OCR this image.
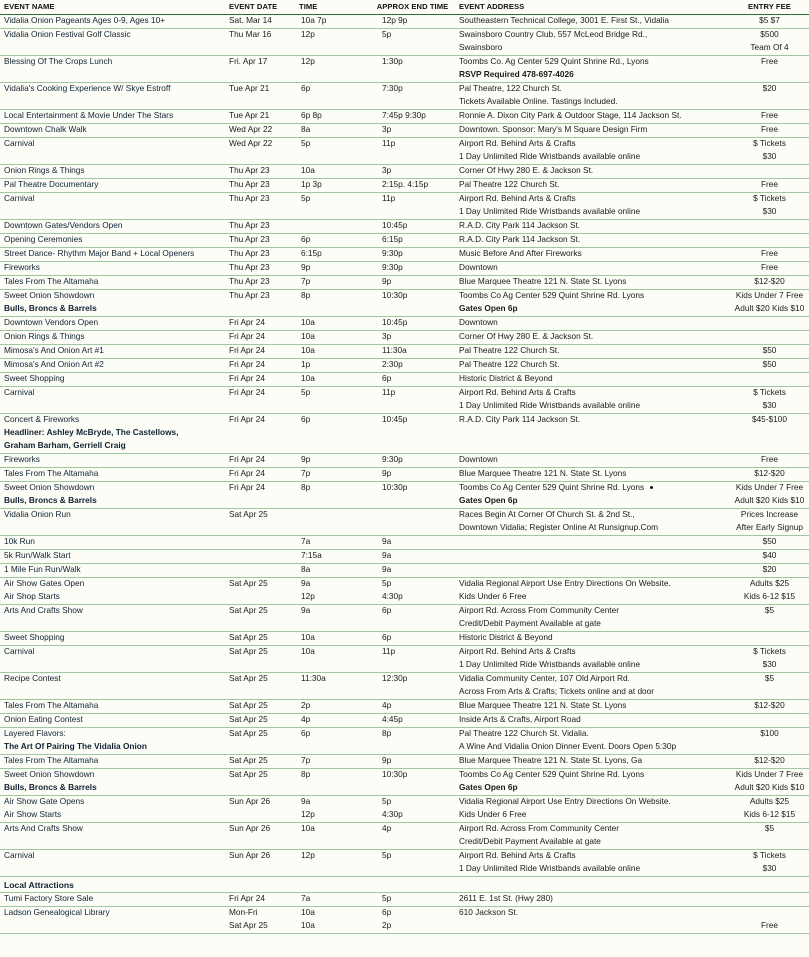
EVENT NAME	EVENT DATE	TIME	APPROX END TIME	EVENT ADDRESS	ENTRY FEE
Vidalia Onion Pageants Ages 0-9, Ages 10+	Sat. Mar 14	10a 7p	12p 9p	Southeastern Technical College, 3001 E. First St., Vidalia	$5 $7
Vidalia Onion Festival Golf Classic	Thu Mar 16	12p	5p	Swainsboro Country Club, 557 McLeod Bridge Rd.,	$500
				Swainsboro	Team Of 4
Blessing Of The Crops Lunch	Fri. Apr 17	12p	1:30p	Toombs Co. Ag Center 529 Quint Shrine Rd., Lyons	Free
				RSVP Required 478-697-4026	
Vidalia's Cooking Experience W/ Skye Estroff	Tue Apr 21	6p	7:30p	Pal Theatre, 122 Church St.	$20
				Tickets Available Online. Tastings Included.	
Local Entertainment & Movie Under The Stars	Tue Apr 21	6p 8p	7:45p 9:30p	Ronnie A. Dixon City Park & Outdoor Stage, 114 Jackson St.	Free
Downtown Chalk Walk	Wed Apr 22	8a	3p	Downtown. Sponsor: Mary's M Square Design Firm	Free
Carnival	Wed Apr 22	5p	11p	Airport Rd. Behind Arts & Crafts	$ Tickets
				1 Day Unlimited Ride Wristbands available online	$30
Onion Rings & Things	Thu Apr 23	10a	3p	Corner Of Hwy 280 E. & Jackson St.	
Pal Theatre Documentary	Thu Apr 23	1p 3p	2:15p. 4:15p	Pal Theatre 122 Church St.	Free
Carnival	Thu Apr 23	5p	11p	Airport Rd. Behind Arts & Crafts	$ Tickets
				1 Day Unlimited Ride Wristbands available online	$30
Downtown Gates/Vendors Open	Thu Apr 23		10:45p	R.A.D. City Park 114 Jackson St.	
Opening Ceremonies	Thu Apr 23	6p	6:15p	R.A.D. City Park 114 Jackson St.	
Street Dance- Rhythm Major Band + Local Openers	Thu Apr 23	6:15p	9:30p	Music Before And After Fireworks	Free
Fireworks	Thu Apr 23	9p	9:30p	Downtown	Free
Tales From The Altamaha	Thu Apr 23	7p	9p	Blue Marquee Theatre 121 N. State St. Lyons	$12-$20
Sweet Onion Showdown	Thu Apr 23	8p	10:30p	Toombs Co Ag Center 529 Quint Shrine Rd. Lyons	Kids Under 7 Free
Bulls, Broncs & Barrels				Gates Open 6p	Adult $20 Kids $10
Downtown Vendors Open	Fri Apr 24	10a	10:45p	Downtown	
Onion Rings & Things	Fri Apr 24	10a	3p	Corner Of Hwy 280 E. & Jackson St.	
Mimosa's And Onion Art #1	Fri Apr 24	10a	11:30a	Pal Theatre 122 Church St.	$50
Mimosa's And Onion Art #2	Fri Apr 24	1p	2:30p	Pal Theatre 122 Church St.	$50
Sweet Shopping	Fri Apr 24	10a	6p	Historic District & Beyond	
Carnival	Fri Apr 24	5p	11p	Airport Rd. Behind Arts & Crafts	$ Tickets
				1 Day Unlimited Ride Wristbands available online	$30
Concert & Fireworks	Fri Apr 24	6p	10:45p	R.A.D. City Park 114 Jackson St.	$45-$100
Headliner: Ashley McBryde, The Castellows,					
Graham Barham, Gerriell Craig					
Fireworks	Fri Apr 24	9p	9:30p	Downtown	Free
Tales From The Altamaha	Fri Apr 24	7p	9p	Blue Marquee Theatre 121 N. State St. Lyons	$12-$20
Sweet Onion Showdown	Fri Apr 24	8p	10:30p	Toombs Co Ag Center 529 Quint Shrine Rd. Lyons	Kids Under 7 Free
Bulls, Broncs & Barrels				Gates Open 6p	Adult $20 Kids $10
Vidalia Onion Run	Sat Apr 25			Races Begin At Corner Of Church St. & 2nd St.,	Prices Increase
				Downtown Vidalia; Register Online At Runsignup.Com	After Early Signup
10k Run		7a	9a		$50
5k Run/Walk Start		7:15a	9a		$40
1 Mile Fun Run/Walk		8a	9a		$20
Air Show Gates Open	Sat Apr 25	9a	5p	Vidalia Regional Airport Use Entry Directions On Website.	Adults $25
Air Shop Starts		12p	4:30p	Kids Under 6 Free	Kids 6-12 $15
Arts And Crafts Show	Sat Apr 25	9a	6p	Airport Rd. Across From Community Center	$5
				Credit/Debit Payment Available at gate	
Sweet Shopping	Sat Apr 25	10a	6p	Historic District & Beyond	
Carnival	Sat Apr 25	10a	11p	Airport Rd. Behind Arts & Crafts	$ Tickets
				1 Day Unlimited Ride Wristbands available online	$30
Recipe Contest	Sat Apr 25	11:30a	12:30p	Vidalia Community Center, 107 Old Airport Rd.	$5
				Across From Arts & Crafts; Tickets online and at door	
Tales From The Altamaha	Sat Apr 25	2p	4p	Blue Marquee Theatre 121 N. State St. Lyons	$12-$20
Onion Eating Contest	Sat Apr 25	4p	4:45p	Inside Arts & Crafts, Airport Road	
Layered Flavors:	Sat Apr 25	6p	8p	Pal Theatre 122 Church St. Vidalia.	$100
The Art Of Pairing The Vidalia Onion				A Wine And Vidalia Onion Dinner Event. Doors Open 5:30p	
Tales From The Altamaha	Sat Apr 25	7p	9p	Blue Marquee Theatre 121 N. State St. Lyons, Ga	$12-$20
Sweet Onion Showdown	Sat Apr 25	8p	10:30p	Toombs Co Ag Center 529 Quint Shrine Rd. Lyons	Kids Under 7 Free
Bulls, Broncs & Barrels				Gates Open 6p	Adult $20 Kids $10
Air Show Gate Opens	Sun Apr 26	9a	5p	Vidalia Regional Airport Use Entry Directions On Website.	Adults $25
Air Show Starts		12p	4:30p	Kids Under 6 Free	Kids 6-12 $15
Arts And Crafts Show	Sun Apr 26	10a	4p	Airport Rd. Across From Community Center	$5
				Credit/Debit Payment Available at gate	
Carnival	Sun Apr 26	12p	5p	Airport Rd. Behind Arts & Crafts	$ Tickets
				1 Day Unlimited Ride Wristbands available online	$30
Local Attractions					
Tumi Factory Store Sale	Fri Apr 24	7a	5p	2611 E. 1st St. (Hwy 280)	
Ladson Genealogical Library	Mon-Fri	10a	6p	610 Jackson St.	
	Sat Apr 25	10a	2p		Free
